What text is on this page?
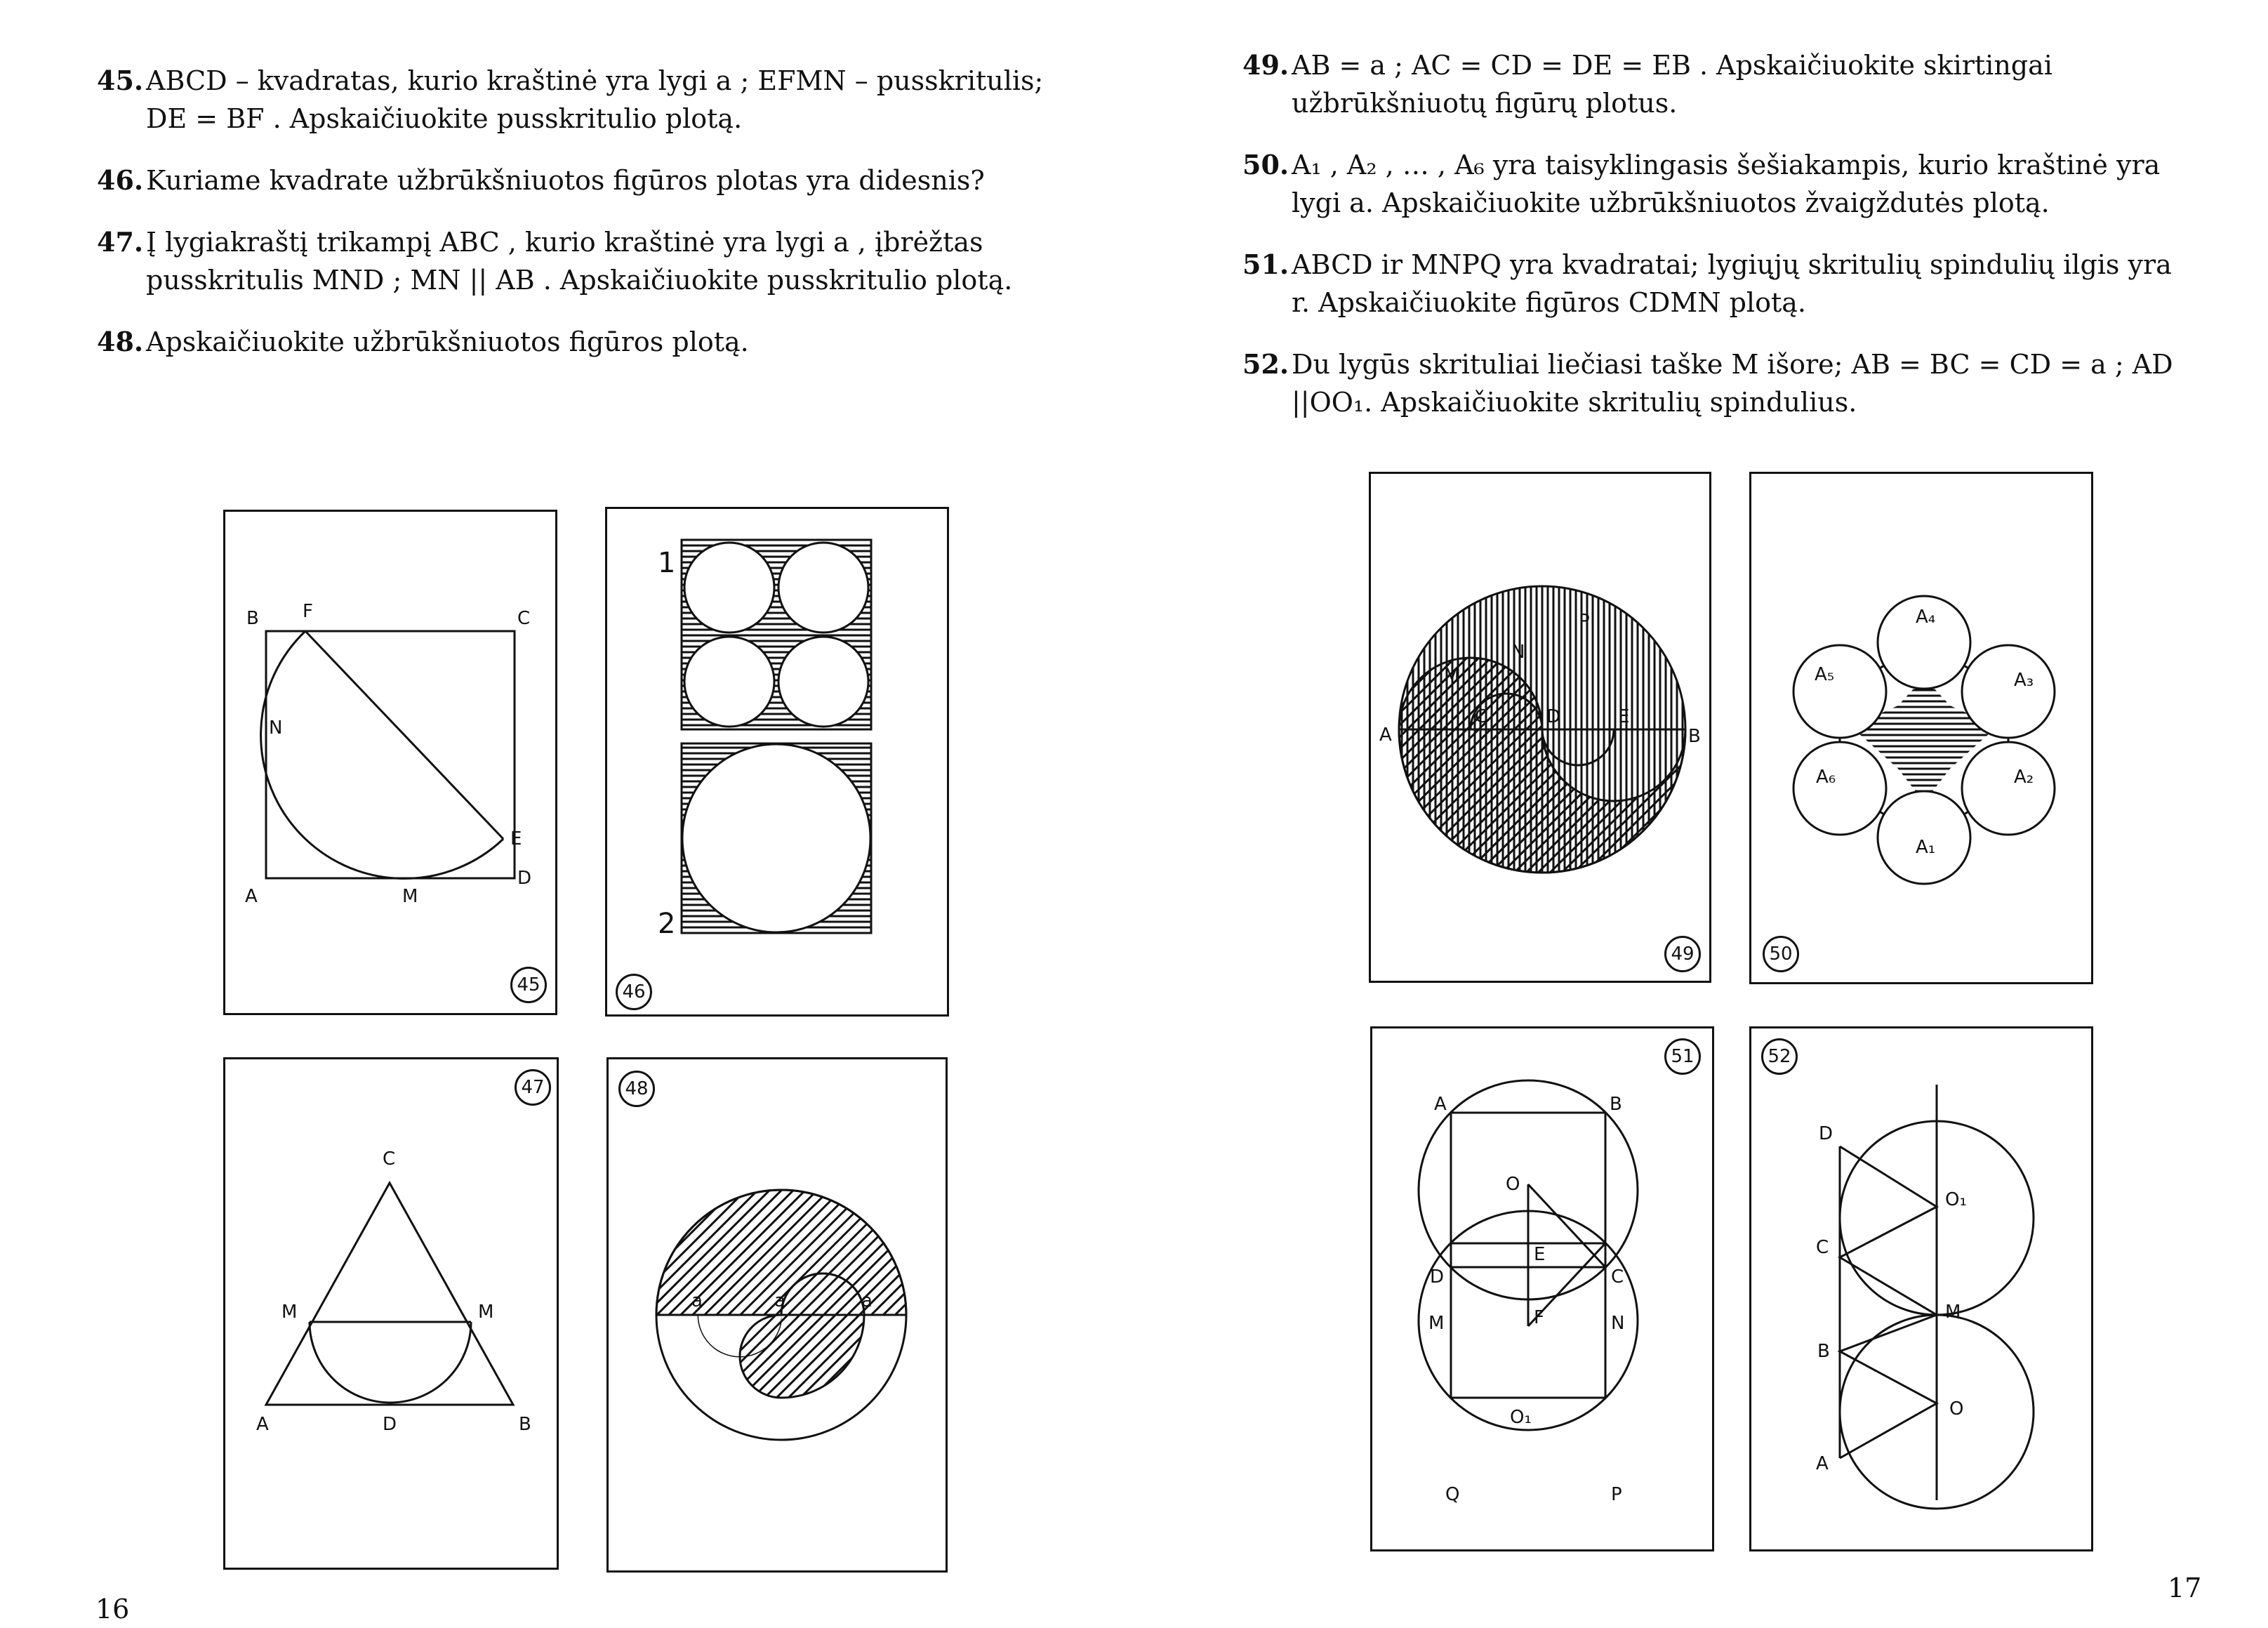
45. ABCD – kvadratas, kurio kraštinė yra lygi a ; EFMN – pusskritulis; DE = BF . Apskaičiuokite pusskritulio plotą.
46. Kuriame kvadrate užbrūkšniuotos figūros plotas yra didesnis?
47. Į lygiakraštį trikampį ABC , kurio kraštinė yra lygi a , įbrėžtas pusskritulis MND ; MN || AB . Apskaičiuokite pusskritulio plotą.
48. Apskaičiuokite užbrūkšniuotos figūros plotą.
49. AB = a ; AC = CD = DE = EB . Apskaičiuokite skirtingai užbrūkšniuotų figūrų plotus.
50. A₁ , A₂ , … , A₆ yra taisyklingasis šešiakampis, kurio kraštinė yra lygi a. Apskaičiuokite užbrūkšniuotos žvaigždutės plotą.
51. ABCD ir MNPQ yra kvadratai; lygiųjų skritulių spindulių ilgis yra r. Apskaičiuokite figūros CDMN plotą.
52. Du lygūs skrituliai liečiasi taške M išore; AB = BC = CD = a ; AD ||OO₁. Apskaičiuokite skritulių spindulius.
B F	C
N
E
A	M
D
45
1
2
46
C
M	M
A	D	B
47
a	a	a
48
A	B
C	D	E
M
N
P
49
A₄
A₅	A₃
A₆	A₂
A₁
50
A	B
O
E
D	C
M	F	N
O₁
Q	P
51
D
O₁
C
M
B
O
A
52
16
17
